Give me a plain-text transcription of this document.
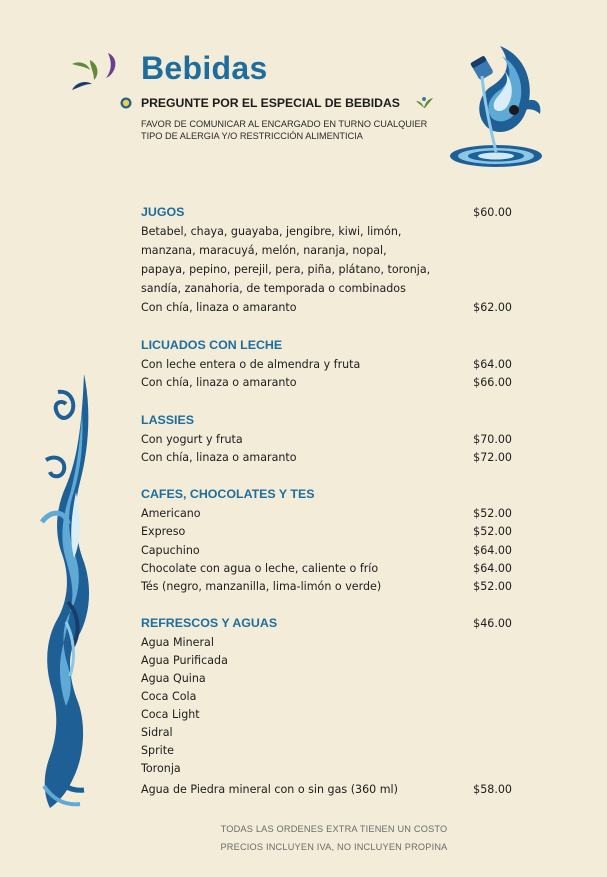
Bebidas
PREGUNTE POR EL ESPECIAL DE BEBIDAS
FAVOR DE COMUNICAR AL ENCARGADO EN TURNO CUALQUIER
TIPO DE ALERGIA Y/O RESTRICCIÓN ALIMENTICIA
JUGOS	$60.00
Betabel, chaya, guayaba, jengibre, kiwi, limón,
manzana, maracuyá, melón, naranja, nopal,
papaya, pepino, perejil, pera, piña, plátano, toronja,
sandía, zanahoria, de temporada o combinados
Con chía, linaza o amaranto	$62.00
LICUADOS CON LECHE
Con leche entera o de almendra y fruta	$64.00
Con chía, linaza o amaranto	$66.00
LASSIES
Con yogurt y fruta	$70.00
Con chía, linaza o amaranto	$72.00
CAFES, CHOCOLATES Y TES
Americano	$52.00
Expreso	$52.00
Capuchino	$64.00
Chocolate con agua o leche, caliente o frío	$64.00
Tés (negro, manzanilla, lima-limón o verde)	$52.00
REFRESCOS Y AGUAS	$46.00
Agua Mineral
Agua Purificada
Agua Quina
Coca Cola
Coca Light
Sidral
Sprite
Toronja
Agua de Piedra mineral con o sin gas (360 ml)	$58.00
TODAS LAS ORDENES EXTRA TIENEN UN COSTO
PRECIOS INCLUYEN IVA, NO INCLUYEN PROPINA
